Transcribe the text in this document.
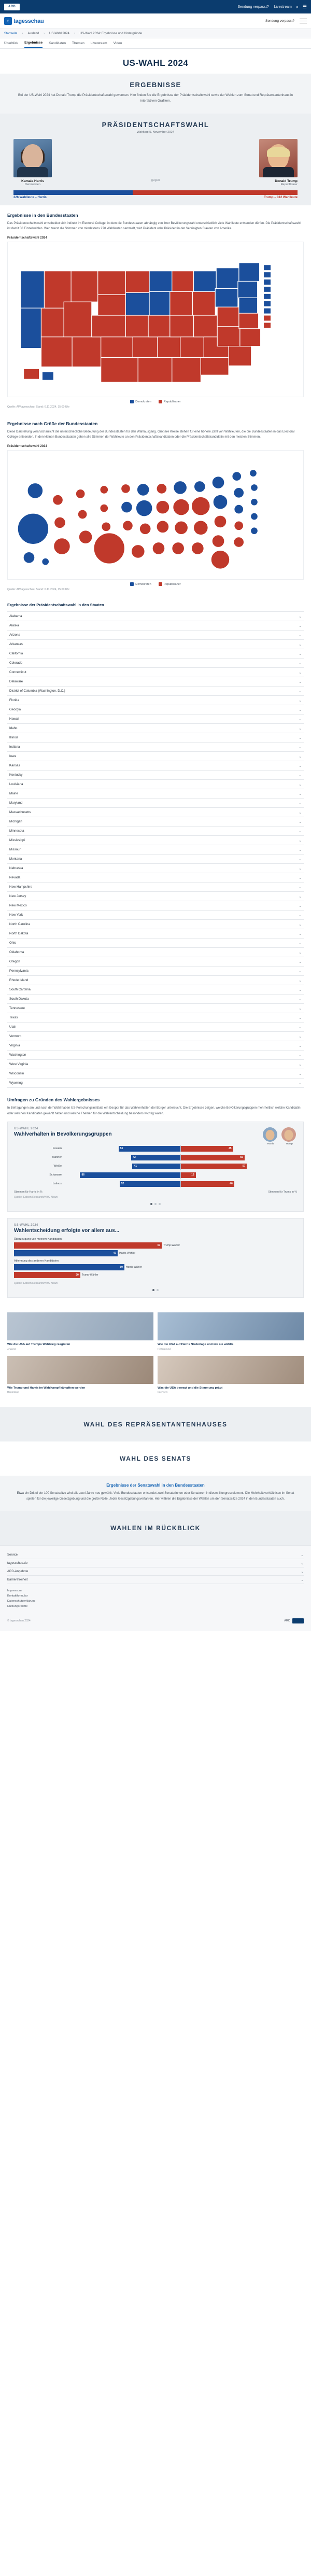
ARD	Sendung verpasst? Livestream ⌕ ☰
t tagesschau	Sendung verpasst?
Startseite › Ausland › US-Wahl 2024 › US-Wahl 2024: Ergebnisse und Hintergründe
Überblick Ergebnisse Kandidaten Themen Livestream Video
US-WAHL 2024
ERGEBNISSE

Bei der US-Wahl 2024 hat Donald Trump die Präsidentschaftswahl gewonnen. Hier finden Sie die Ergebnisse der Präsidentschaftswahl sowie der Wahlen zum Senat und Repräsentantenhaus in interaktiven Grafiken.

PRÄSIDENTSCHAFTSWAHL
Wahltag: 5. November 2024
Kamala Harris
Demokraten
gegen	Donald Trump
Republikaner
226 Wahlleute – Harris	Trump – 312 Wahlleute
Ergebnisse in den Bundesstaaten

Das Präsidentschaftswahl entscheidet sich indirekt im Electoral College, in dem die Bundesstaaten abhängig von ihrer Bevölkerungszahl unterschiedlich viele Wahlleute entsenden dürfen. Die Präsidentschaftswahl ist damit 50 Einzelwahlen. Wer zuerst die Stimmen von mindestens 270 Wahlleuten sammelt, wird Präsident oder Präsidentin der Vereinigten Staaten von Amerika.

Präsidentschaftswahl 2024
Demokraten	Republikaner
Quelle: AP/tagesschau; Stand: 6.11.2024, 15:00 Uhr
Ergebnisse nach Größe der Bundesstaaten

Diese Darstellung veranschaulicht die unterschiedliche Bedeutung der Bundesstaaten für den Wahlausgang. Größere Kreise stehen für eine höhere Zahl von Wahlleuten, die die Bundesstaaten in das Electoral College entsenden. In den kleinen Bundesstaaten gehen alle Stimmen der Wahlleute an den Präsidentschaftskandidaten oder die Präsidentschaftskandidatin mit den meisten Stimmen.

Präsidentschaftswahl 2024
Demokraten	Republikaner
Quelle: AP/tagesschau; Stand: 6.11.2024, 15:00 Uhr
Ergebnisse der Präsidentschaftswahl in den Staaten
Alabama	⌄
Alaska	⌄
Arizona	⌄
Arkansas	⌄
California	⌄
Colorado	⌄
Connecticut	⌄
Delaware	⌄
District of Columbia (Washington, D.C.)	⌄
Florida	⌄
Georgia	⌄
Hawaii	⌄
Idaho	⌄
Illinois	⌄
Indiana	⌄
Iowa	⌄
Kansas	⌄
Kentucky	⌄
Louisiana	⌄
Maine	⌄
Maryland	⌄
Massachusetts	⌄
Michigan	⌄
Minnesota	⌄
Mississippi	⌄
Missouri	⌄
Montana	⌄
Nebraska	⌄
Nevada	⌄
New Hampshire	⌄
New Jersey	⌄
New Mexico	⌄
New York	⌄
North Carolina	⌄
North Dakota	⌄
Ohio	⌄
Oklahoma	⌄
Oregon	⌄
Pennsylvania	⌄
Rhode Island	⌄
South Carolina	⌄
South Dakota	⌄
Tennessee	⌄
Texas	⌄
Utah	⌄
Vermont	⌄
Virginia	⌄
Washington	⌄
West Virginia	⌄
Wisconsin	⌄
Wyoming	⌄
Umfragen zu Gründen des Wahlergebnisses

In Befragungen am und nach der Wahl haben US-Forschungsinstitute ein Gespür für das Wahlverhalten der Bürger untersucht. Die Ergebnisse zeigen, welche Bevölkerungsgruppen mehrheitlich welche Kandidatin oder welchen Kandidaten gewählt haben und welche Themen für die Wahlentscheidung besonders wichtig waren.

US-WAHL 2024
Wahlverhalten in Bevölkerungsgruppen
Harris	Trump
Frauen	53	45
Männer	42	55
Weiße	41	57
Schwarze	86	13
Latinos	52	46
Stimmen für Harris in %	Stimmen für Trump in %
Quelle: Edison Research/NBC News
US-WAHL 2024
Wahlentscheidung erfolgte vor allem aus...
Überzeugung von meinem Kandidaten
67	Trump-Wähler
47	Harris-Wähler
Ablehnung des anderen Kandidaten
50	Harris-Wähler
30	Trump-Wähler
Quelle: Edison Research/NBC News
Wie die USA auf Trumps Wahlsieg reagieren
Analyse
Wie Trump und Harris im Wahlkampf kämpften werden
Reportage
Wie die USA auf Harris Niederlage und wie sie wählte
Hintergrund
Was die USA bewegt und die Stimmung prägt
Interview
WAHL DES REPRÄSENTANTENHAUSES
WAHL DES SENATS
Ergebnisse der Senatswahl in den Bundesstaaten

Etwa ein Drittel der 100 Senatssitze wird alle zwei Jahre neu gewählt. Viele Bundesstaaten entsendet zwei Senatorinnen oder Senatoren in dieses Kongresselement. Die Mehrheitsverhältnisse im Senat spielen für die jeweilige Gesetzgebung und die große Rolle. Jeder Gesetzgebungsverfahren. Hier wählen die Ergebnisse der Wahlen um den Senatssitze 2024 in den Bundesstaaten auch.

WAHLEN IM RÜCKBLICK
Service	⌄
tagesschau.de	⌄
ARD-Angebote	⌄
Barrierefreiheit	⌄
Impressum
Kontaktformular
Datenschutzerklärung
Nutzungsrechte
© tagesschau 2024	ARD
